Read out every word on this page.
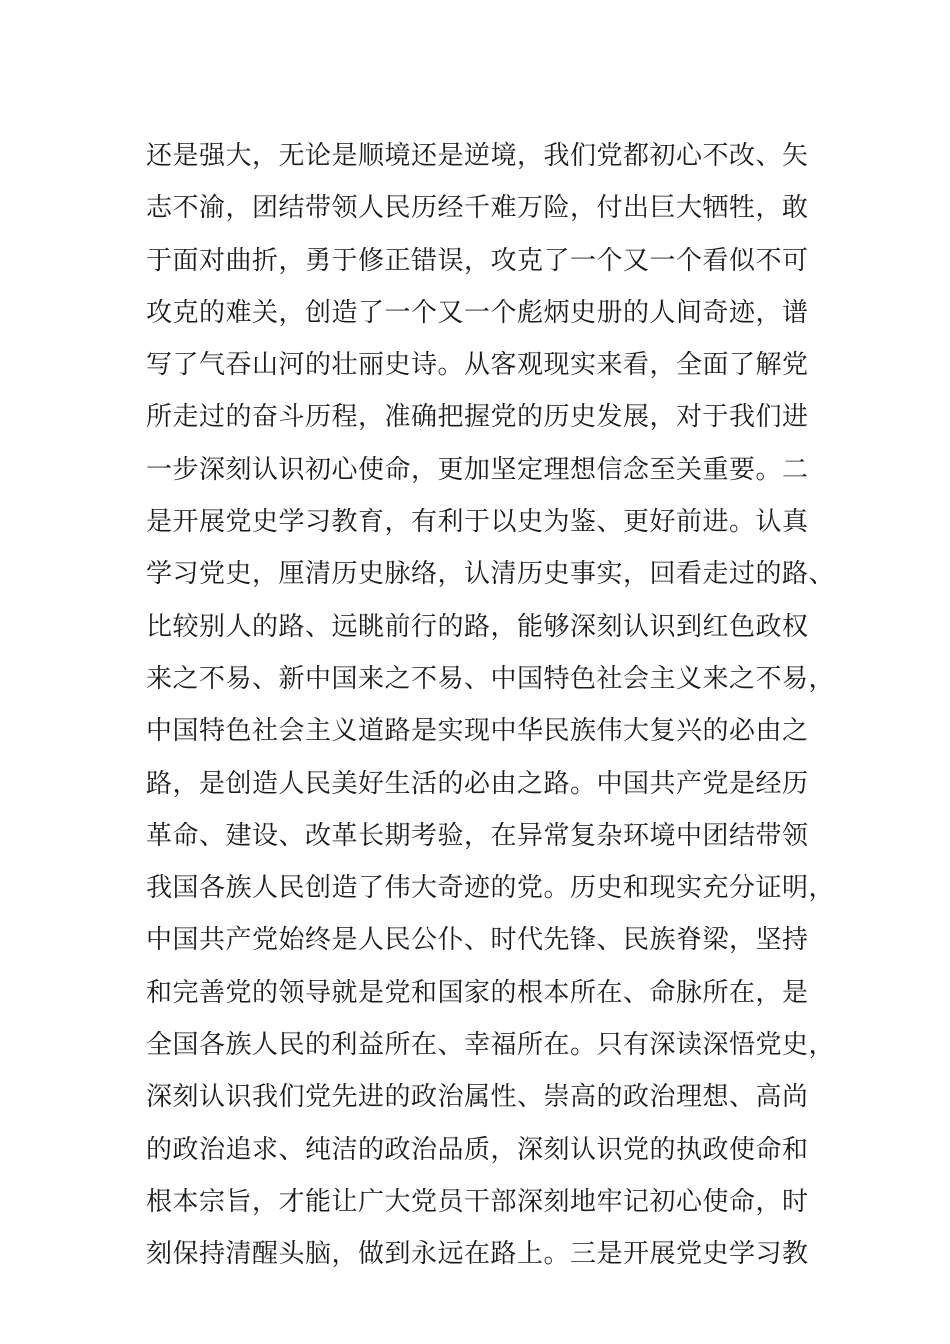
还是强大，无论是顺境还是逆境，我们党都初心不改、矢
志不渝，团结带领人民历经千难万险，付出巨大牺牲，敢
于面对曲折，勇于修正错误，攻克了一个又一个看似不可
攻克的难关，创造了一个又一个彪炳史册的人间奇迹，谱
写了气吞山河的壮丽史诗。从客观现实来看，全面了解党
所走过的奋斗历程，准确把握党的历史发展，对于我们进
一步深刻认识初心使命，更加坚定理想信念至关重要。二
是开展党史学习教育，有利于以史为鉴、更好前进。认真
学习党史，厘清历史脉络，认清历史事实，回看走过的路、
比较别人的路、远眺前行的路，能够深刻认识到红色政权
来之不易、新中国来之不易、中国特色社会主义来之不易，
中国特色社会主义道路是实现中华民族伟大复兴的必由之
路，是创造人民美好生活的必由之路。中国共产党是经历
革命、建设、改革长期考验，在异常复杂环境中团结带领
我国各族人民创造了伟大奇迹的党。历史和现实充分证明，
中国共产党始终是人民公仆、时代先锋、民族脊梁，坚持
和完善党的领导就是党和国家的根本所在、命脉所在，是
全国各族人民的利益所在、幸福所在。只有深读深悟党史，
深刻认识我们党先进的政治属性、崇高的政治理想、高尚
的政治追求、纯洁的政治品质，深刻认识党的执政使命和
根本宗旨，才能让广大党员干部深刻地牢记初心使命，时
刻保持清醒头脑，做到永远在路上。三是开展党史学习教
